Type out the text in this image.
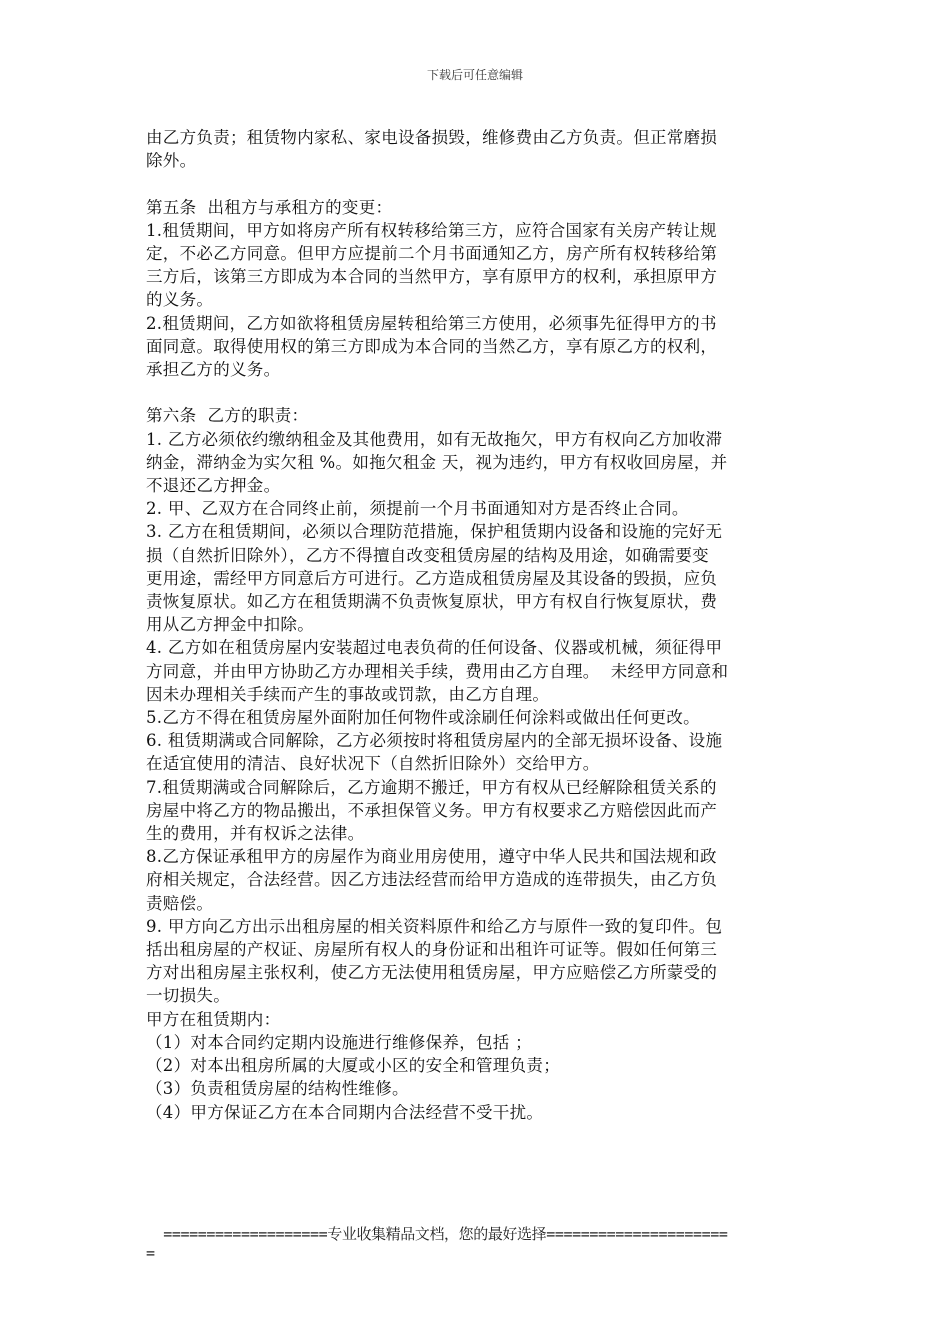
下载后可任意编辑

由乙方负责；租赁物内家私、家电设备损毁，维修费由乙方负责。但正常磨损

除外。

第五条  出租方与承租方的变更：

1.租赁期间，甲方如将房产所有权转移给第三方，应符合国家有关房产转让规

定，不必乙方同意。但甲方应提前二个月书面通知乙方，房产所有权转移给第

三方后，该第三方即成为本合同的当然甲方，享有原甲方的权利，承担原甲方

的义务。

2.租赁期间，乙方如欲将租赁房屋转租给第三方使用，必须事先征得甲方的书

面同意。取得使用权的第三方即成为本合同的当然乙方，享有原乙方的权利，

承担乙方的义务。

第六条  乙方的职责：

1. 乙方必须依约缴纳租金及其他费用，如有无故拖欠，甲方有权向乙方加收滞

纳金，滞纳金为实欠租 %。如拖欠租金 天，视为违约，甲方有权收回房屋，并

不退还乙方押金。

2. 甲、乙双方在合同终止前，须提前一个月书面通知对方是否终止合同。

3. 乙方在租赁期间，必须以合理防范措施，保护租赁期内设备和设施的完好无

损（自然折旧除外），乙方不得擅自改变租赁房屋的结构及用途，如确需要变

更用途，需经甲方同意后方可进行。乙方造成租赁房屋及其设备的毁损，应负

责恢复原状。如乙方在租赁期满不负责恢复原状，甲方有权自行恢复原状，费

用从乙方押金中扣除。

4. 乙方如在租赁房屋内安装超过电表负荷的任何设备、仪器或机械，须征得甲

方同意，并由甲方协助乙方办理相关手续，费用由乙方自理。  未经甲方同意和

因未办理相关手续而产生的事故或罚款，由乙方自理。

5.乙方不得在租赁房屋外面附加任何物件或涂刷任何涂料或做出任何更改。

6. 租赁期满或合同解除，乙方必须按时将租赁房屋内的全部无损坏设备、设施

在适宜使用的清洁、良好状况下（自然折旧除外）交给甲方。

7.租赁期满或合同解除后，乙方逾期不搬迁，甲方有权从已经解除租赁关系的

房屋中将乙方的物品搬出，不承担保管义务。甲方有权要求乙方赔偿因此而产

生的费用，并有权诉之法律。

8.乙方保证承租甲方的房屋作为商业用房使用，遵守中华人民共和国法规和政

府相关规定，合法经营。因乙方违法经营而给甲方造成的连带损失，由乙方负

责赔偿。

9. 甲方向乙方出示出租房屋的相关资料原件和给乙方与原件一致的复印件。包

括出租房屋的产权证、房屋所有权人的身份证和出租许可证等。假如任何第三

方对出租房屋主张权利，使乙方无法使用租赁房屋，甲方应赔偿乙方所蒙受的

一切损失。

甲方在租赁期内：

（1）对本合同约定期内设施进行维修保养，包括 ；

（2）对本出租房所属的大厦或小区的安全和管理负责；

（3）负责租赁房屋的结构性维修。

（4）甲方保证乙方在本合同期内合法经营不受干扰。

===================专业收集精品文档，您的最好选择=====================

=
